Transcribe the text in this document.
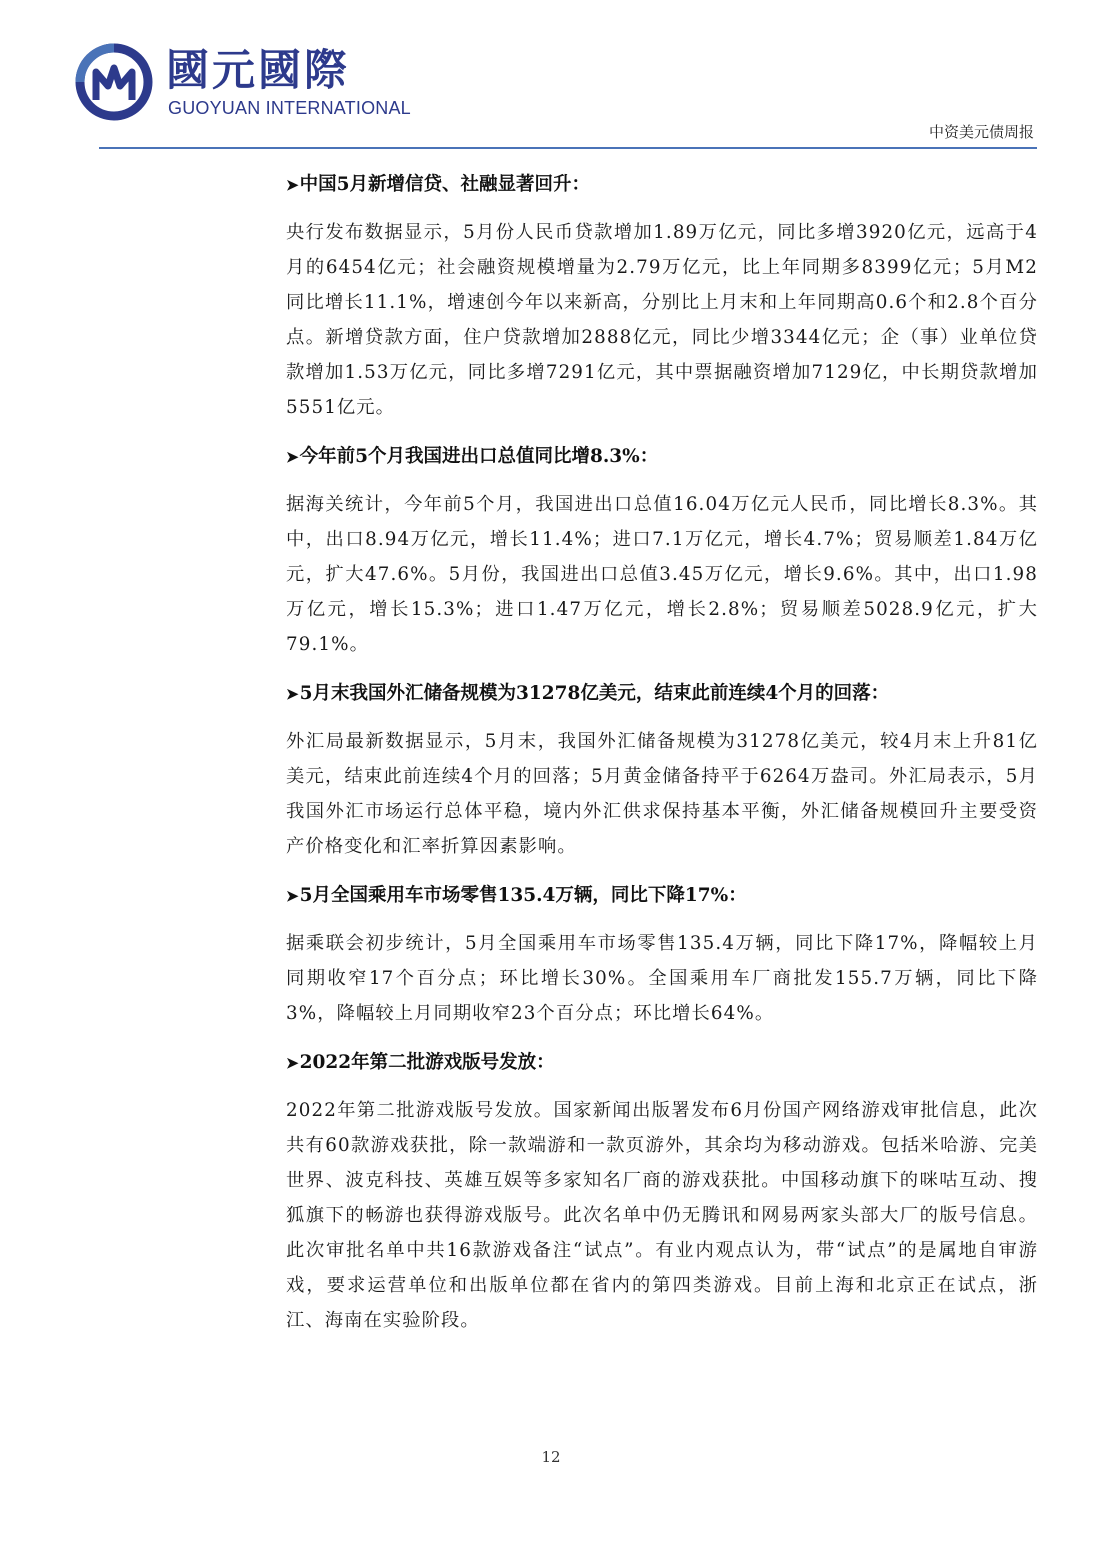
國元國際
GUOYUAN INTERNATIONAL
中资美元债周报
➤中国5月新增信贷、社融显著回升：
央行发布数据显示，5月份人民币贷款增加1.89万亿元，同比多增3920亿元，远高于4月的6454亿元；社会融资规模增量为2.79万亿元，比上年同期多8399亿元；5月M2同比增长11.1%，增速创今年以来新高，分别比上月末和上年同期高0.6个和2.8个百分点。新增贷款方面，住户贷款增加2888亿元，同比少增3344亿元；企（事）业单位贷款增加1.53万亿元，同比多增7291亿元，其中票据融资增加7129亿，中长期贷款增加5551亿元。
➤今年前5个月我国进出口总值同比增8.3%：
据海关统计，今年前5个月，我国进出口总值16.04万亿元人民币，同比增长8.3%。其中，出口8.94万亿元，增长11.4%；进口7.1万亿元，增长4.7%；贸易顺差1.84万亿元，扩大47.6%。5月份，我国进出口总值3.45万亿元，增长9.6%。其中，出口1.98万亿元，增长15.3%；进口1.47万亿元，增长2.8%；贸易顺差5028.9亿元，扩大79.1%。
➤5月末我国外汇储备规模为31278亿美元，结束此前连续4个月的回落：
外汇局最新数据显示，5月末，我国外汇储备规模为31278亿美元，较4月末上升81亿美元，结束此前连续4个月的回落；5月黄金储备持平于6264万盎司。外汇局表示，5月我国外汇市场运行总体平稳，境内外汇供求保持基本平衡，外汇储备规模回升主要受资产价格变化和汇率折算因素影响。
➤5月全国乘用车市场零售135.4万辆，同比下降17%：
据乘联会初步统计，5月全国乘用车市场零售135.4万辆，同比下降17%，降幅较上月同期收窄17个百分点；环比增长30%。全国乘用车厂商批发155.7万辆，同比下降3%，降幅较上月同期收窄23个百分点；环比增长64%。
➤2022年第二批游戏版号发放：
2022年第二批游戏版号发放。国家新闻出版署发布6月份国产网络游戏审批信息，此次共有60款游戏获批，除一款端游和一款页游外，其余均为移动游戏。包括米哈游、完美世界、波克科技、英雄互娱等多家知名厂商的游戏获批。中国移动旗下的咪咕互动、搜狐旗下的畅游也获得游戏版号。此次名单中仍无腾讯和网易两家头部大厂的版号信息。此次审批名单中共16款游戏备注“试点”。有业内观点认为，带“试点”的是属地自审游戏，要求运营单位和出版单位都在省内的第四类游戏。目前上海和北京正在试点，浙江、海南在实验阶段。
12
